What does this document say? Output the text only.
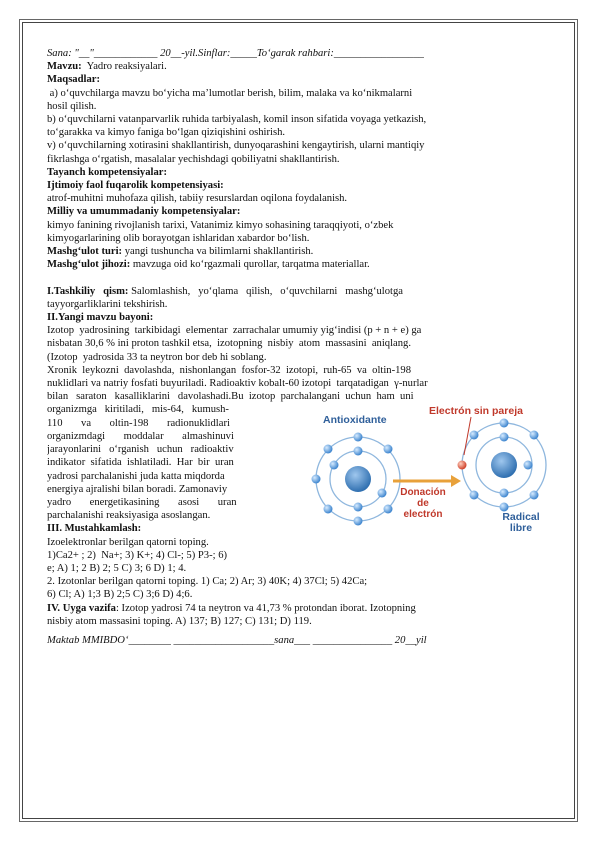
Sana: "__"____________ 20__-yil.Sinflar:_____To‘garak rahbari:_________________
Mavzu:  Yadro reaksiyalari.
Maqsadlar:
a) o‘quvchilarga mavzu bo‘yicha ma’lumotlar berish, bilim, malaka va ko‘nikmalarni
hosil qilish.
b) o‘quvchilarni vatanparvarlik ruhida tarbiyalash, komil inson sifatida voyaga yetkazish,
to‘garakka va kimyo faniga bo‘lgan qiziqishini oshirish.
v) o‘quvchilarning xotirasini shakllantirish, dunyoqarashini kengaytirish, ularni mantiqiy
fikrlashga o‘rgatish, masalalar yechishdagi qobiliyatni shakllantirish.
Tayanch kompetensiyalar:
Ijtimoiy faol fuqarolik kompetensiyasi:
atrof-muhitni muhofaza qilish, tabiiy resurslardan oqilona foydalanish.
Milliy va umummadaniy kompetensiyalar:
kimyo fanining rivojlanish tarixi, Vatanimiz kimyo sohasining taraqqiyoti, o‘zbek
kimyogarlarining olib borayotgan ishlaridan xabardor bo‘lish.
Mashg‘ulot turi: yangi tushuncha va bilimlarni shakllantirish.
Mashg‘ulot jihozi: mavzuga oid ko‘rgazmali qurollar, tarqatma materiallar.

I.Tashkiliy   qism: Salomlashish,   yo‘qlama   qilish,   o‘quvchilarni   mashg‘ulotga
tayyorgarliklarini tekshirish.
II.Yangi mavzu bayoni:
Izotop  yadrosining  tarkibidagi  elementar  zarrachalar umumiy yig‘indisi (p + n + e) ga
nisbatan 30,6 % ini proton tashkil etsa,  izotopning  nisbiy  atom  massasini  aniqlang.
(Izotop  yadrosida 33 ta neytron bor deb hi soblang.
Xronik  leykozni  davolashda,  nishonlangan  fosfor-32  izotopi,  ruh-65  va  oltin-198
nuklidlari va natriy fosfati buyuriladi. Radioaktiv kobalt-60 izotopi  tarqatadigan  γ-nurlar
bilan   saraton   kasalliklarini   davolashadi.Bu  izotop  parchalangani  uchun  ham  uni
organizmga   kiritiladi,   mis-64,   kumush-
110       va       oltin-198       radionuklidlari
organizmdagi       moddalar       almashinuvi
jarayonlarini   o‘rganish   uchun   radioaktiv
indikator  sifatida  ishlatiladi.  Har  bir  uran
yadrosi parchalanishi juda katta miqdorda
energiya ajralishi bilan boradi. Zamonaviy
yadro       energetikasining       asosi       uran
parchalanishi reaksiyasiga asoslangan.
Antioxidante
Electrón sin pareja
Donación
de
electrón	Radical
libre
III. Mustahkamlash:
Izoelektronlar berilgan qatorni toping.
1)Ca2+ ; 2)  Na+; 3) K+; 4) Cl-; 5) P3-; 6)
e; A) 1; 2 B) 2; 5 C) 3; 6 D) 1; 4.
2. Izotonlar berilgan qatorni toping. 1) Ca; 2) Ar; 3) 40K; 4) 37Cl; 5) 42Ca;
6) Cl; A) 1;3 B) 2;5 C) 3;6 D) 4;6.
IV. Uyga vazifa: Izotop yadrosi 74 ta neytron va 41,73 % protondan iborat. Izotopning
nisbiy atom massasini toping. A) 137; B) 127; C) 131; D) 119.
Maktab MMIBDO‘________ ___________________sana___ _______________ 20__yil
